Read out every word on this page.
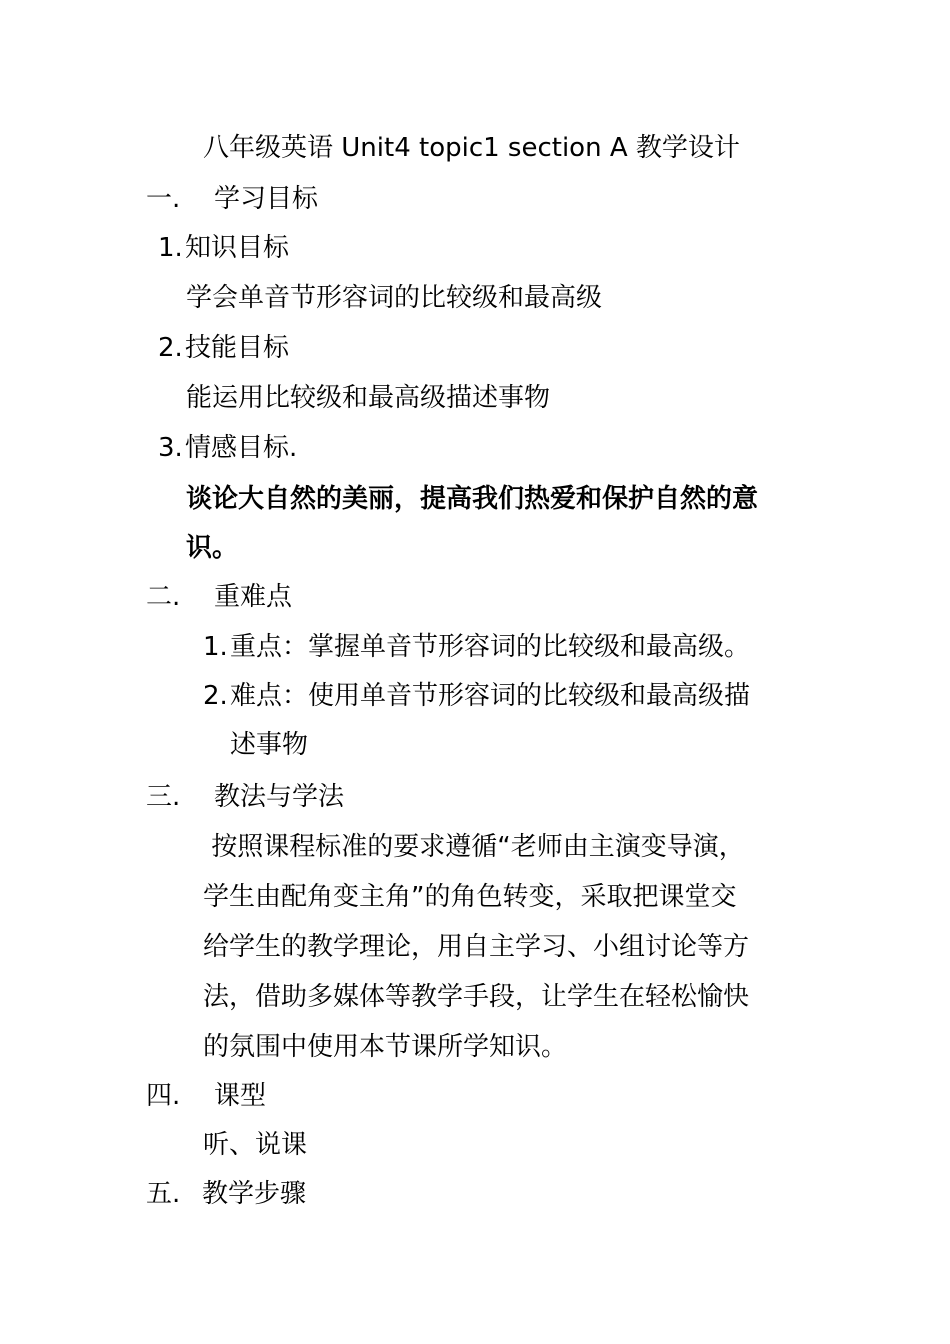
八年级英语 Unit4 topic1 section A 教学设计
一. 学习目标
1.知识目标
学会单音节形容词的比较级和最高级
2.技能目标
能运用比较级和最高级描述事物
3.情感目标.
谈论大自然的美丽，提高我们热爱和保护自然的意
识。
二. 重难点
1.重点：掌握单音节形容词的比较级和最高级。
2.难点：使用单音节形容词的比较级和最高级描
述事物
三. 教法与学法
按照课程标准的要求遵循“老师由主演变导演，
学生由配角变主角”的角色转变，采取把课堂交
给学生的教学理论，用自主学习、小组讨论等方
法，借助多媒体等教学手段，让学生在轻松愉快
的氛围中使用本节课所学知识。
四. 课型
听、说课
五. 教学步骤
